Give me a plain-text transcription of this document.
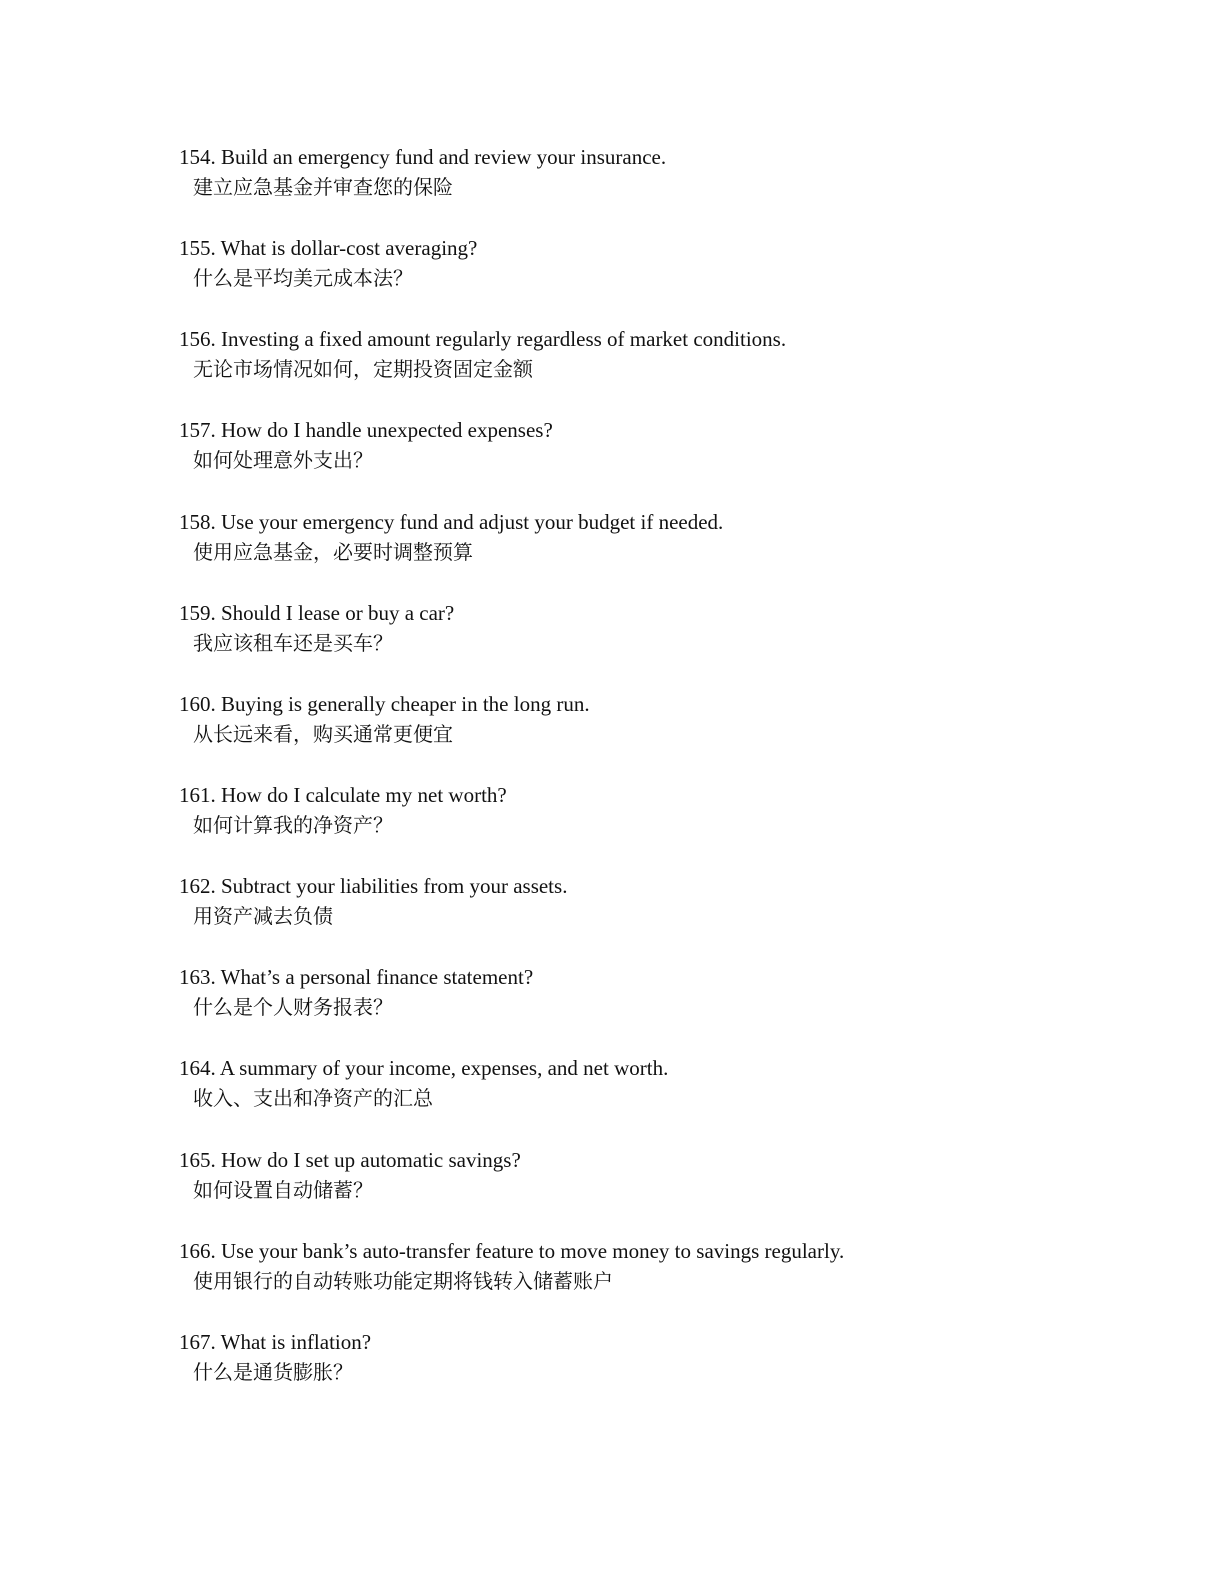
154. Build an emergency fund and review your insurance.
建立应急基金并审查您的保险
155. What is dollar-cost averaging?
什么是平均美元成本法？
156. Investing a fixed amount regularly regardless of market conditions.
无论市场情况如何，定期投资固定金额
157. How do I handle unexpected expenses?
如何处理意外支出？
158. Use your emergency fund and adjust your budget if needed.
使用应急基金，必要时调整预算
159. Should I lease or buy a car?
我应该租车还是买车？
160. Buying is generally cheaper in the long run.
从长远来看，购买通常更便宜
161. How do I calculate my net worth?
如何计算我的净资产？
162. Subtract your liabilities from your assets.
用资产减去负债
163. What’s a personal finance statement?
什么是个人财务报表？
164. A summary of your income, expenses, and net worth.
收入、支出和净资产的汇总
165. How do I set up automatic savings?
如何设置自动储蓄？
166. Use your bank’s auto-transfer feature to move money to savings regularly.
使用银行的自动转账功能定期将钱转入储蓄账户
167. What is inflation?
什么是通货膨胀？
